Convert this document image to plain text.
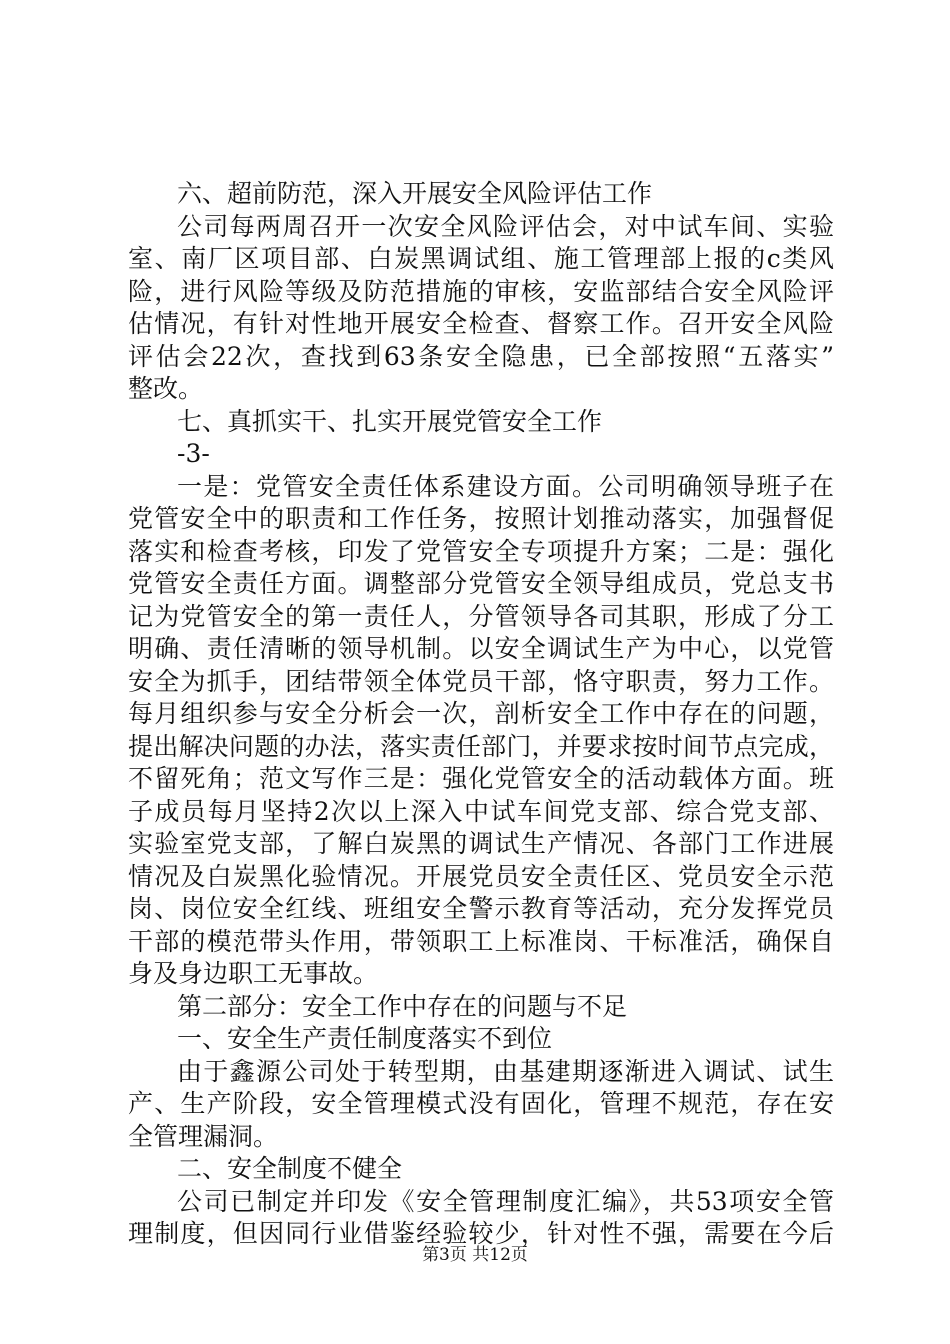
六、超前防范，深入开展安全风险评估工作
公司每两周召开一次安全风险评估会，对中试车间、实验
室、南厂区项目部、白炭黑调试组、施工管理部上报的c类风
险，进行风险等级及防范措施的审核，安监部结合安全风险评
估情况，有针对性地开展安全检查、督察工作。召开安全风险
评估会22次，查找到63条安全隐患，已全部按照“五落实”
整改。
七、真抓实干、扎实开展党管安全工作
-3-
一是：党管安全责任体系建设方面。公司明确领导班子在
党管安全中的职责和工作任务，按照计划推动落实，加强督促
落实和检查考核，印发了党管安全专项提升方案；二是：强化
党管安全责任方面。调整部分党管安全领导组成员，党总支书
记为党管安全的第一责任人，分管领导各司其职，形成了分工
明确、责任清晰的领导机制。以安全调试生产为中心，以党管
安全为抓手，团结带领全体党员干部，恪守职责，努力工作。
每月组织参与安全分析会一次，剖析安全工作中存在的问题，
提出解决问题的办法，落实责任部门，并要求按时间节点完成，
不留死角；范文写作三是：强化党管安全的活动载体方面。班
子成员每月坚持2次以上深入中试车间党支部、综合党支部、
实验室党支部，了解白炭黑的调试生产情况、各部门工作进展
情况及白炭黑化验情况。开展党员安全责任区、党员安全示范
岗、岗位安全红线、班组安全警示教育等活动，充分发挥党员
干部的模范带头作用，带领职工上标准岗、干标准活，确保自
身及身边职工无事故。
第二部分：安全工作中存在的问题与不足
一、安全生产责任制度落实不到位
由于鑫源公司处于转型期，由基建期逐渐进入调试、试生
产、生产阶段，安全管理模式没有固化，管理不规范，存在安
全管理漏洞。
二、安全制度不健全
公司已制定并印发《安全管理制度汇编》，共53项安全管
理制度，但因同行业借鉴经验较少，针对性不强，需要在今后
第3页 共12页
